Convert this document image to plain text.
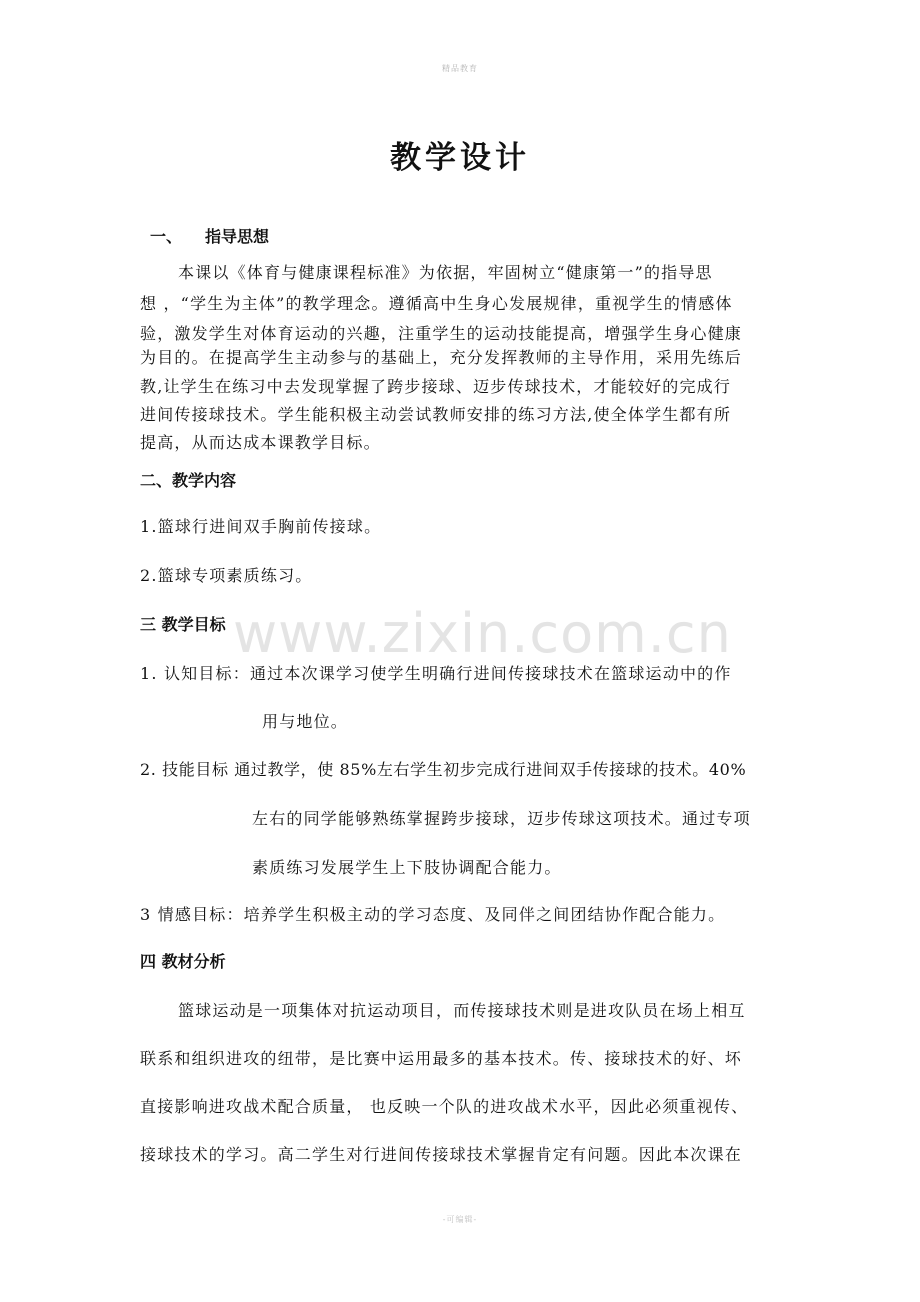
精品教育
教学设计
一、 指导思想
本课以《体育与健康课程标准》为依据，牢固树立“健康第一”的指导思
想 ，“学生为主体”的教学理念。遵循高中生身心发展规律，重视学生的情感体
验，激发学生对体育运动的兴趣，注重学生的运动技能提高，增强学生身心健康
为目的。在提高学生主动参与的基础上，充分发挥教师的主导作用，采用先练后
教,让学生在练习中去发现掌握了跨步接球、迈步传球技术，才能较好的完成行
进间传接球技术。学生能积极主动尝试教师安排的练习方法,使全体学生都有所
提高，从而达成本课教学目标。
二、教学内容
1.篮球行进间双手胸前传接球。
2.篮球专项素质练习。
www.zixin.com.cn
三 教学目标
1. 认知目标：通过本次课学习使学生明确行进间传接球技术在篮球运动中的作
用与地位。
2. 技能目标 通过教学，使 85%左右学生初步完成行进间双手传接球的技术。40%
左右的同学能够熟练掌握跨步接球，迈步传球这项技术。通过专项
素质练习发展学生上下肢协调配合能力。
3 情感目标：培养学生积极主动的学习态度、及同伴之间团结协作配合能力。
四 教材分析
篮球运动是一项集体对抗运动项目，而传接球技术则是进攻队员在场上相互
联系和组织进攻的纽带，是比赛中运用最多的基本技术。传、接球技术的好、坏
直接影响进攻战术配合质量， 也反映一个队的进攻战术水平，因此必须重视传、
接球技术的学习。高二学生对行进间传接球技术掌握肯定有问题。因此本次课在
-可编辑-
